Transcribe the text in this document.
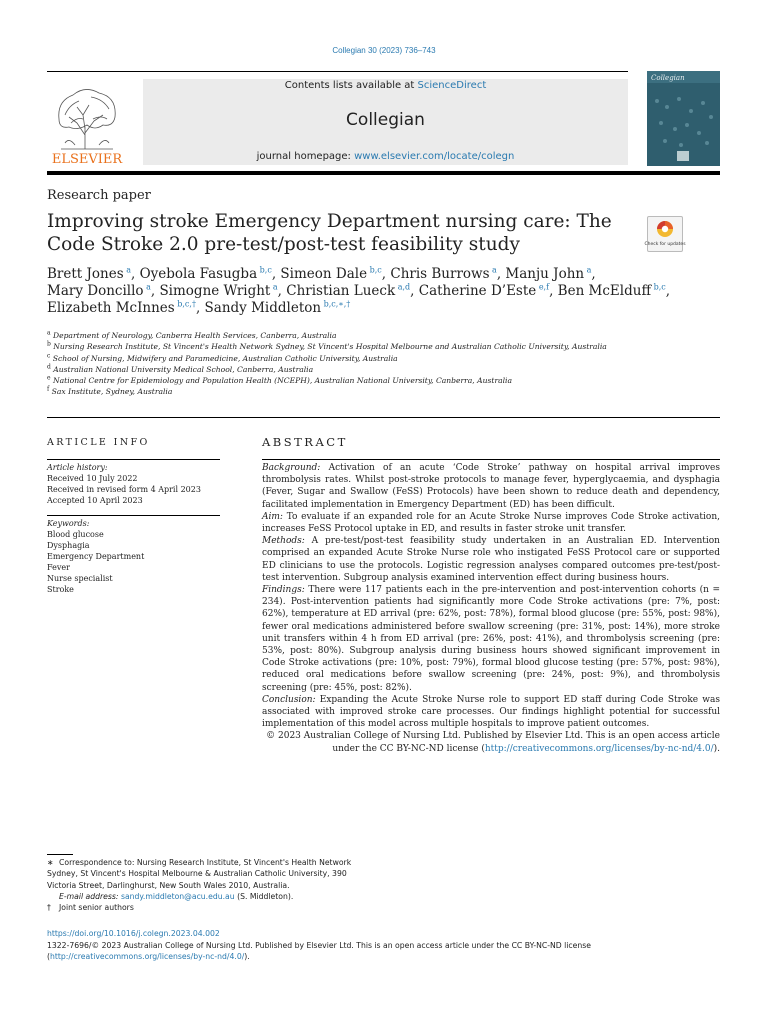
Collegian 30 (2023) 736–743
ELSEVIER
Contents lists available at ScienceDirect
Collegian
journal homepage: www.elsevier.com/locate/colegn
Collegian
Research paper
Improving stroke Emergency Department nursing care: The Code Stroke 2.0 pre-test/post-test feasibility study	Check for updates
Brett Jones $^a$, Oyebola Fasugba $^{b,c}$, Simeon Dale $^{b,c}$, Chris Burrows $^a$, Manju John $^a$,
Mary Doncillo $^a$, Simogne Wright $^a$, Christian Lueck $^{a,d}$, Catherine D’Este $^{e,f}$, Ben McElduff $^{b,c}$,
Elizabeth McInnes $^{b,c,\dagger}$, Sandy Middleton $^{b,c,∗,\dagger}$
$^a$ Department of Neurology, Canberra Health Services, Canberra, Australia
$^b$ Nursing Research Institute, St Vincent's Health Network Sydney, St Vincent's Hospital Melbourne and Australian Catholic University, Australia
$^c$ School of Nursing, Midwifery and Paramedicine, Australian Catholic University, Australia
$^d$ Australian National University Medical School, Canberra, Australia
$^e$ National Centre for Epidemiology and Population Health (NCEPH), Australian National University, Canberra, Australia
$^f$ Sax Institute, Sydney, Australia
ARTICLE INFO
Article history:
Received 10 July 2022
Received in revised form 4 April 2023
Accepted 10 April 2023
Keywords:
Blood glucose
Dysphagia
Emergency Department
Fever
Nurse specialist
Stroke
ABSTRACT

Background: Activation of an acute ‘Code Stroke’ pathway on hospital arrival improves thrombolysis rates. Whilst post-stroke protocols to manage fever, hyperglycaemia, and dysphagia (Fever, Sugar and Swallow (FeSS) Protocols) have been shown to reduce death and dependency, facilitated implementation in Emergency Department (ED) has been difficult.

Aim: To evaluate if an expanded role for an Acute Stroke Nurse improves Code Stroke activation, increases FeSS Protocol uptake in ED, and results in faster stroke unit transfer.

Methods: A pre-test/post-test feasibility study undertaken in an Australian ED. Intervention comprised an expanded Acute Stroke Nurse role who instigated FeSS Protocol care or supported ED clinicians to use the protocols. Logistic regression analyses compared outcomes pre-test/post-test intervention. Subgroup analysis examined intervention effect during business hours.

Findings: There were 117 patients each in the pre-intervention and post-intervention cohorts (n = 234). Post-intervention patients had significantly more Code Stroke activations (pre: 7%, post: 62%), temperature at ED arrival (pre: 62%, post: 78%), formal blood glucose (pre: 55%, post: 98%), fewer oral medications administered before swallow screening (pre: 31%, post: 14%), more stroke unit transfers within 4 h from ED arrival (pre: 26%, post: 41%), and thrombolysis screening (pre: 53%, post: 80%). Subgroup analysis during business hours showed significant improvement in Code Stroke activations (pre: 10%, post: 79%), formal blood glucose testing (pre: 57%, post: 98%), reduced oral medications before swallow screening (pre: 24%, post: 9%), and thrombolysis screening (pre: 45%, post: 82%).

Conclusion: Expanding the Acute Stroke Nurse role to support ED staff during Code Stroke was associated with improved stroke care processes. Our findings highlight potential for successful implementation of this model across multiple hospitals to improve patient outcomes.

© 2023 Australian College of Nursing Ltd. Published by Elsevier Ltd. This is an open access article under the CC BY-NC-ND license (http://creativecommons.org/licenses/by-nc-nd/4.0/).

∗ Correspondence to: Nursing Research Institute, St Vincent's Health Network Sydney, St Vincent's Hospital Melbourne & Australian Catholic University, 390 Victoria Street, Darlinghurst, New South Wales 2010, Australia.
E-mail address: sandy.middleton@acu.edu.au (S. Middleton).
† Joint senior authors
https://doi.org/10.1016/j.colegn.2023.04.002
1322-7696/© 2023 Australian College of Nursing Ltd. Published by Elsevier Ltd. This is an open access article under the CC BY-NC-ND license (http://creativecommons.org/licenses/by-nc-nd/4.0/).
